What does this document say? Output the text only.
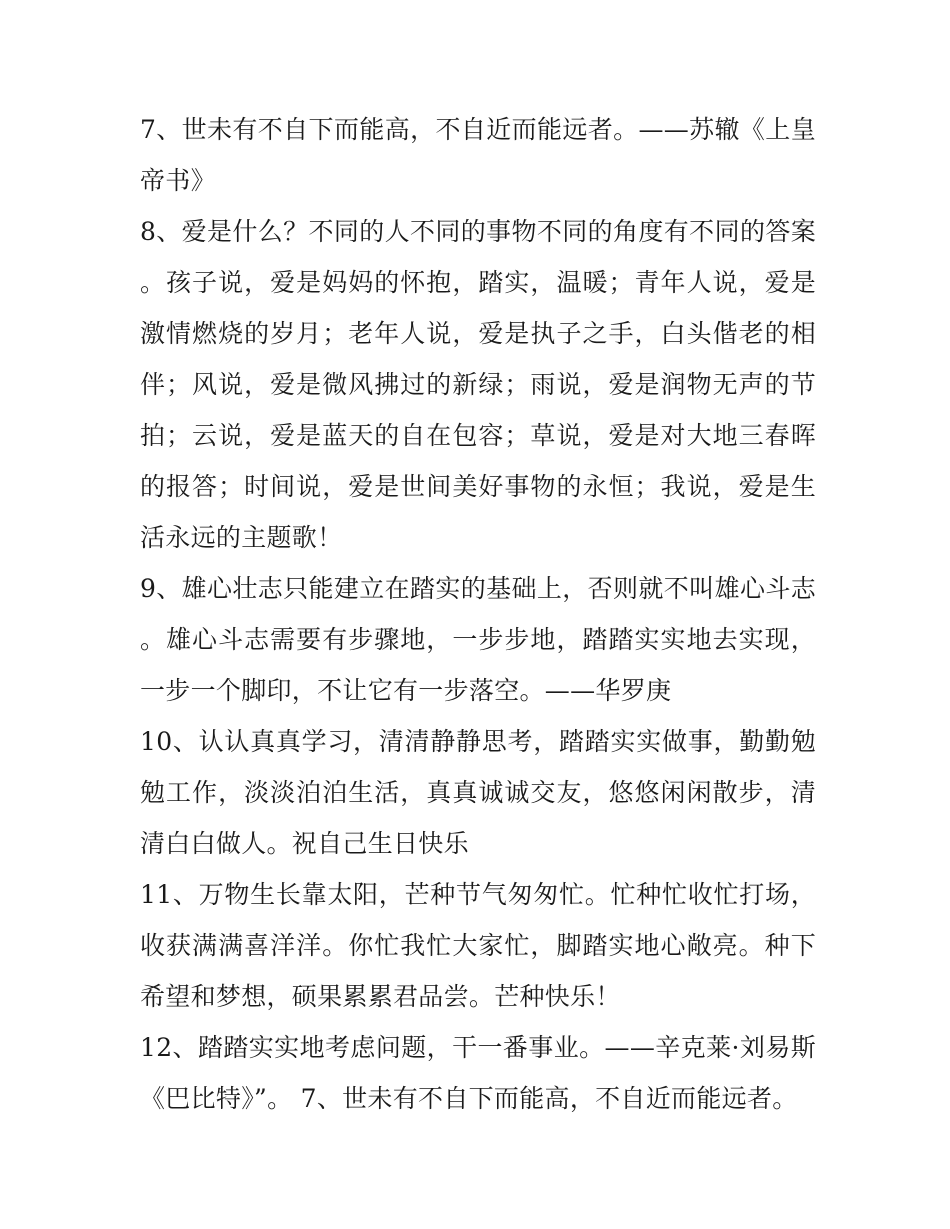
7、世未有不自下而能高，不自近而能远者。——苏辙《上皇帝书》

8、爱是什么？不同的人不同的事物不同的角度有不同的答案。孩子说，爱是妈妈的怀抱，踏实，温暖；青年人说，爱是激情燃烧的岁月；老年人说，爱是执子之手，白头偕老的相伴；风说，爱是微风拂过的新绿；雨说，爱是润物无声的节拍；云说，爱是蓝天的自在包容；草说，爱是对大地三春晖的报答；时间说，爱是世间美好事物的永恒；我说，爱是生活永远的主题歌！

9、雄心壮志只能建立在踏实的基础上，否则就不叫雄心斗志。雄心斗志需要有步骤地，一步步地，踏踏实实地去实现，一步一个脚印，不让它有一步落空。——华罗庚

10、认认真真学习，清清静静思考，踏踏实实做事，勤勤勉勉工作，淡淡泊泊生活，真真诚诚交友，悠悠闲闲散步，清清白白做人。祝自己生日快乐

11、万物生长靠太阳，芒种节气匆匆忙。忙种忙收忙打场，收获满满喜洋洋。你忙我忙大家忙，脚踏实地心敞亮。种下希望和梦想，硕果累累君品尝。芒种快乐！

12、踏踏实实地考虑问题，干一番事业。——辛克莱·刘易斯《巴比特》”。 7、世未有不自下而能高，不自近而能远者。
